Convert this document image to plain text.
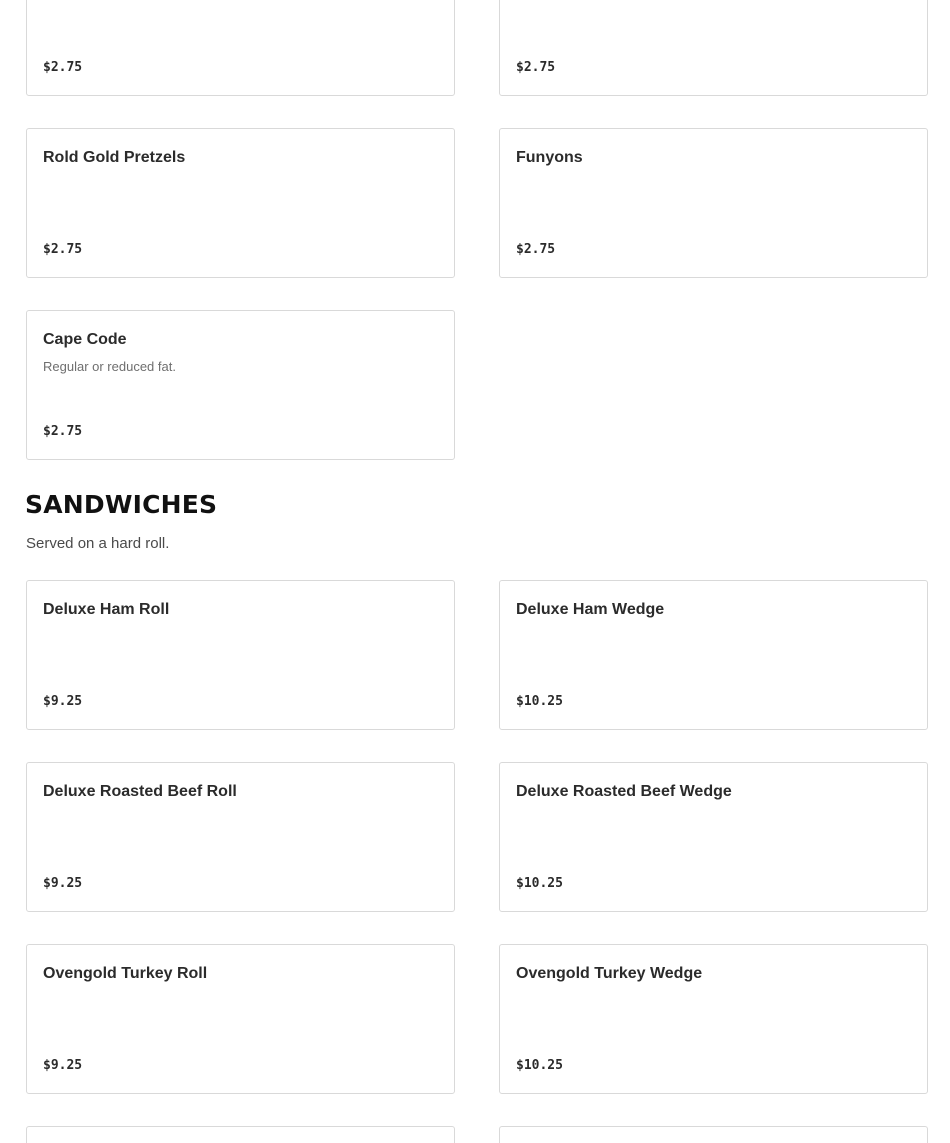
$2.75	$2.75
Rold Gold Pretzels
$2.75
Funyons
$2.75
Cape Code
Regular or reduced fat.
$2.75
SANDWICHES

Served on a hard roll.

Deluxe Ham Roll
$9.25
Deluxe Ham Wedge
$10.25
Deluxe Roasted Beef Roll
$9.25
Deluxe Roasted Beef Wedge
$10.25
Ovengold Turkey Roll
$9.25
Ovengold Turkey Wedge
$10.25
